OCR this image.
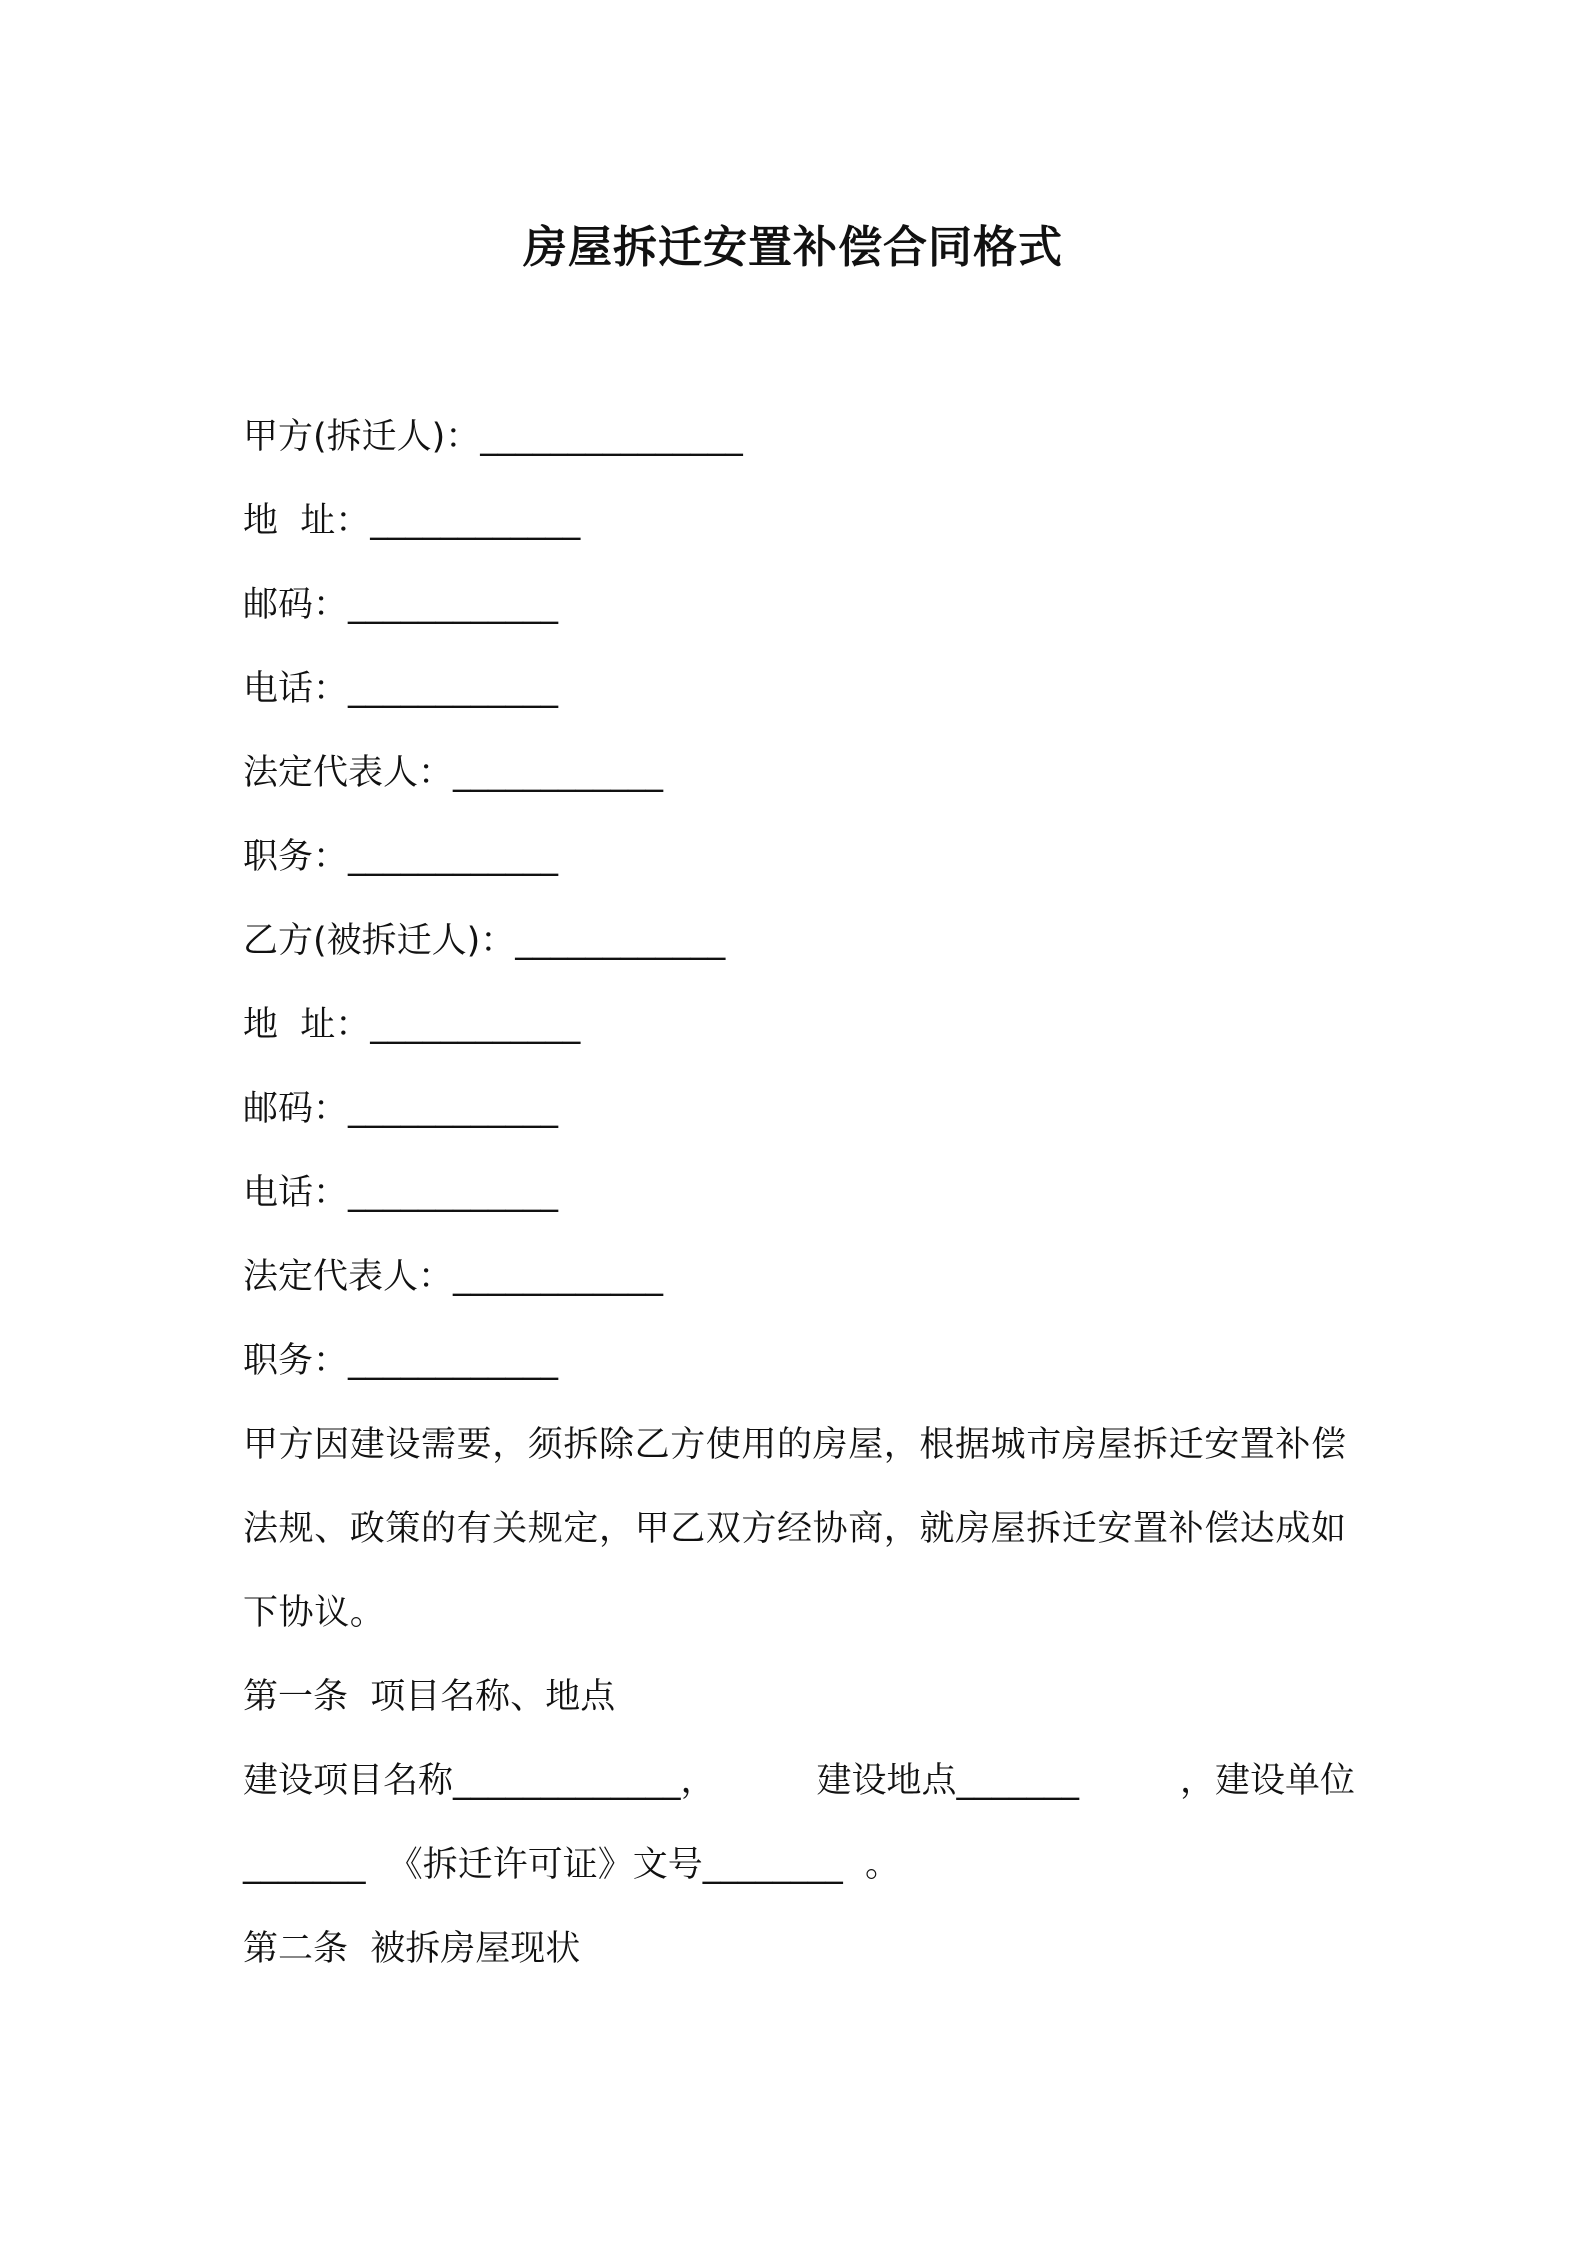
房屋拆迁安置补偿合同格式

甲方(拆迁人)：_______________

地  址：____________

邮码：____________

电话：____________

法定代表人：____________

职务：____________

乙方(被拆迁人)：____________

地  址：____________

邮码：____________

电话：____________

法定代表人：____________

职务：____________

甲方因建设需要，须拆除乙方使用的房屋，根据城市房屋拆迁安置补偿法规、政策的有关规定，甲乙双方经协商，就房屋拆迁安置补偿达成如下协议。

第一条  项目名称、地点

建设项目名称_____________，	建设地点_______	，建设单位

_______  《拆迁许可证》文号________  。

第二条  被拆房屋现状
